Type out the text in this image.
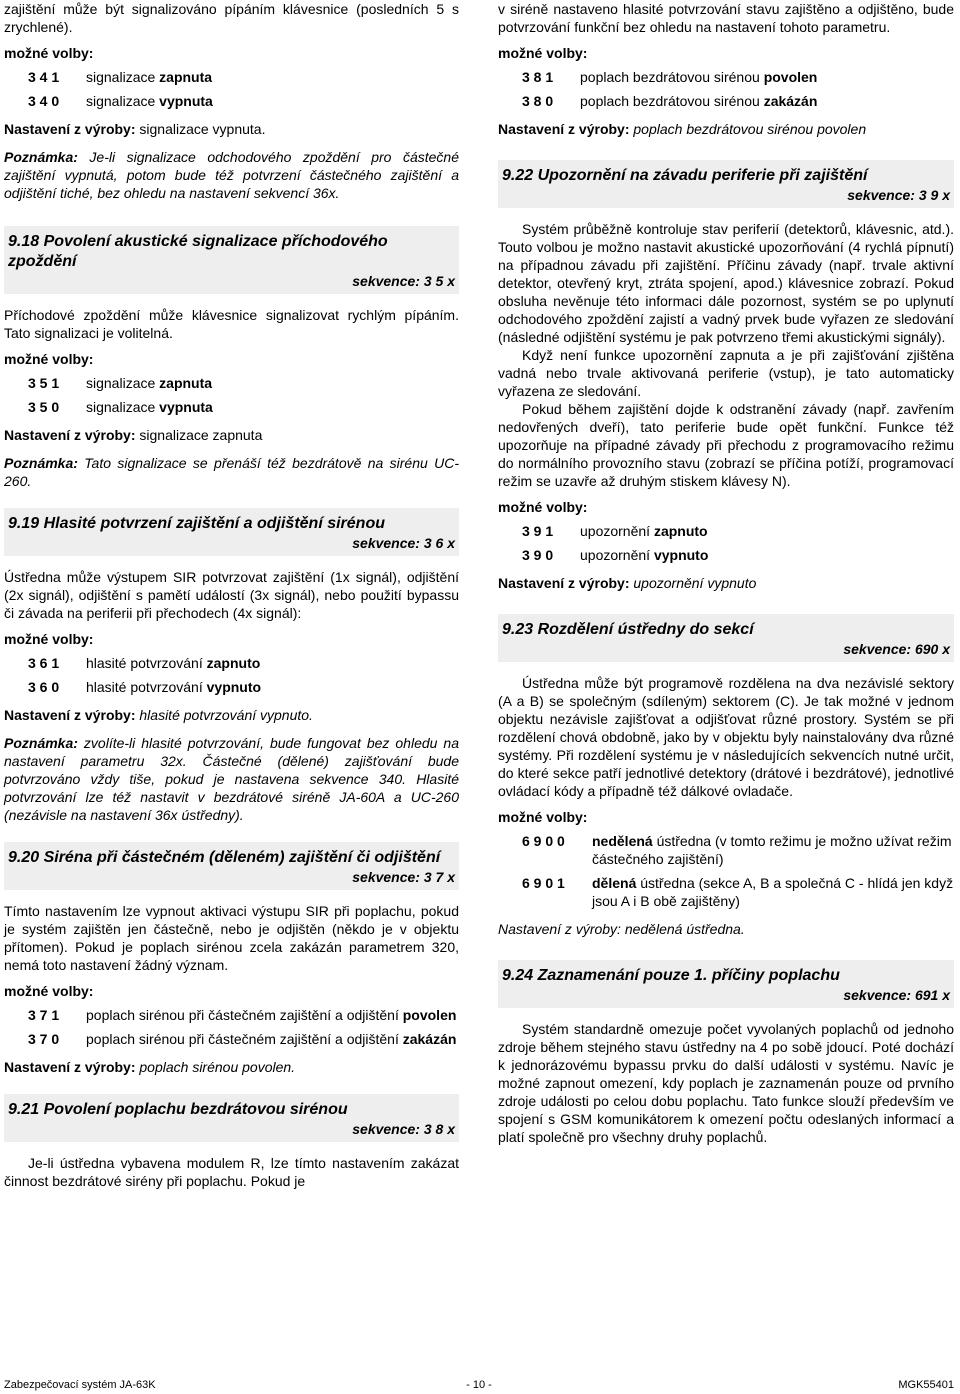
zajištění může být signalizováno pípáním klávesnice (posledních 5 s zrychlené).

možné volby:

3 4 1	signalizace zapnuta
3 4 0	signalizace vypnuta

Nastavení z výroby: signalizace vypnuta.

Poznámka: Je-li signalizace odchodového zpoždění pro částečné zajištění vypnutá, potom bude též potvrzení částečného zajištění a odjištění tiché, bez ohledu na nastavení sekvencí 36x.

9.18 Povolení akustické signalizace příchodového zpoždění
sekvence: 3 5 x

Příchodové zpoždění může klávesnice signalizovat rychlým pípáním. Tato signalizaci je volitelná.

možné volby:

3 5 1	signalizace zapnuta
3 5 0	signalizace vypnuta

Nastavení z výroby: signalizace zapnuta

Poznámka: Tato signalizace se přenáší též bezdrátově na sirénu UC-260.

9.19 Hlasité potvrzení zajištění a odjištění sirénou
sekvence: 3 6 x

Ústředna může výstupem SIR potvrzovat zajištění (1x signál), odjištění (2x signál), odjištění s pamětí událostí (3x signál), nebo použití bypassu či závada na periferii při přechodech (4x signál):

možné volby:

3 6 1	hlasité potvrzování zapnuto
3 6 0	hlasité potvrzování vypnuto

Nastavení z výroby: hlasité potvrzování vypnuto.

Poznámka: zvolíte-li hlasité potvrzování, bude fungovat bez ohledu na nastavení parametru 32x. Částečné (dělené) zajišťování bude potvrzováno vždy tiše, pokud je nastavena sekvence 340. Hlasité potvrzování lze též nastavit v bezdrátové siréně JA-60A a UC-260 (nezávisle na nastavení 36x ústředny).

9.20 Siréna při částečném (děleném) zajištění či odjištění
sekvence: 3 7 x

Tímto nastavením lze vypnout aktivaci výstupu SIR při poplachu, pokud je systém zajištěn jen částečně, nebo je odjištěn (někdo je v objektu přítomen). Pokud je poplach sirénou zcela zakázán parametrem 320, nemá toto nastavení žádný význam.

možné volby:

3 7 1	poplach sirénou při částečném zajištění a odjištění povolen
3 7 0	poplach sirénou při částečném zajištění a odjištění zakázán

Nastavení z výroby: poplach sirénou povolen.

9.21 Povolení poplachu bezdrátovou sirénou
sekvence: 3 8 x

Je-li ústředna vybavena modulem R, lze tímto nastavením zakázat činnost bezdrátové sirény při poplachu. Pokud je

v siréně nastaveno hlasité potvrzování stavu zajištěno a odjištěno, bude potvrzování funkční bez ohledu na nastavení tohoto parametru.

možné volby:

3 8 1	poplach bezdrátovou sirénou povolen
3 8 0	poplach bezdrátovou sirénou zakázán

Nastavení z výroby: poplach bezdrátovou sirénou povolen

9.22 Upozornění na závadu periferie při zajištění
sekvence: 3 9 x

Systém průběžně kontroluje stav periferií (detektorů, klávesnic, atd.). Touto volbou je možno nastavit akustické upozorňování (4 rychlá pípnutí) na případnou závadu při zajištění. Příčinu závady (např. trvale aktivní detektor, otevřený kryt, ztráta spojení, apod.) klávesnice zobrazí. Pokud obsluha nevěnuje této informaci dále pozornost, systém se po uplynutí odchodového zpoždění zajistí a vadný prvek bude vyřazen ze sledování (následné odjištění systému je pak potvrzeno třemi akustickými signály).

Když není funkce upozornění zapnuta a je při zajišťování zjištěna vadná nebo trvale aktivovaná periferie (vstup), je tato automaticky vyřazena ze sledování.

Pokud během zajištění dojde k odstranění závady (např. zavřením nedovřených dveří), tato periferie bude opět funkční. Funkce též upozorňuje na případné závady při přechodu z programovacího režimu do normálního provozního stavu (zobrazí se příčina potíží, programovací režim se uzavře až druhým stiskem klávesy N).

možné volby:

3 9 1	upozornění zapnuto
3 9 0	upozornění vypnuto

Nastavení z výroby: upozornění vypnuto

9.23 Rozdělení ústředny do sekcí
sekvence: 690 x

Ústředna může být programově rozdělena na dva nezávislé sektory (A a B) se společným (sdíleným) sektorem (C). Je tak možné v jednom objektu nezávisle zajišťovat a odjišťovat různé prostory. Systém se při rozdělení chová obdobně, jako by v objektu byly nainstalovány dva různé systémy. Při rozdělení systému je v následujících sekvencích nutné určit, do které sekce patří jednotlivé detektory (drátové i bezdrátové), jednotlivé ovládací kódy a případně též dálkové ovladače.

možné volby:

6 9 0 0	nedělená ústředna (v tomto režimu je možno užívat režim částečného zajištění)
6 9 0 1	dělená ústředna (sekce A, B a společná C - hlídá jen když jsou A i B obě zajištěny)

Nastavení z výroby: nedělená ústředna.

9.24 Zaznamenání pouze 1. příčiny poplachu
sekvence: 691 x

Systém standardně omezuje počet vyvolaných poplachů od jednoho zdroje během stejného stavu ústředny na 4 po sobě jdoucí. Poté dochází k jednorázovému bypassu prvku do další události v systému. Navíc je možné zapnout omezení, kdy poplach je zaznamenán pouze od prvního zdroje události po celou dobu poplachu. Tato funkce slouží především ve spojení s GSM komunikátorem k omezení počtu odeslaných informací a platí společně pro všechny druhy poplachů.

Zabezpečovací systém JA-63K	- 10 -	MGK55401
